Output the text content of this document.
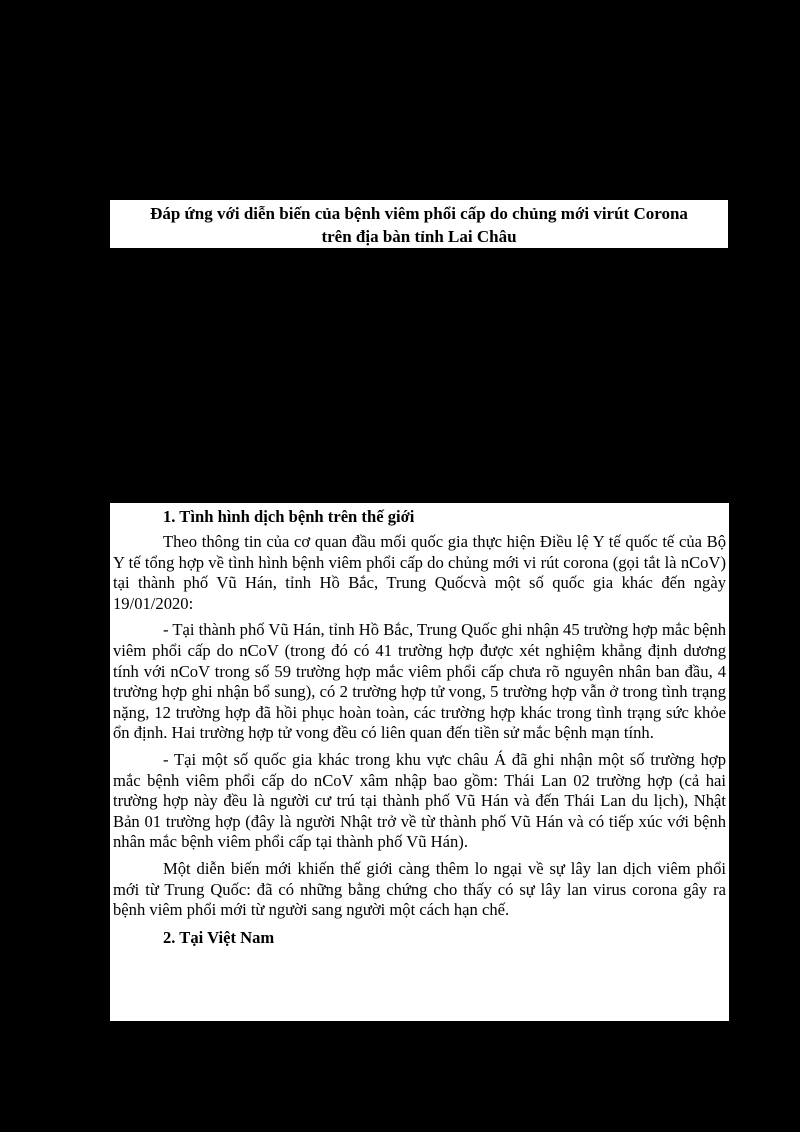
Đáp ứng với diễn biến của bệnh viêm phổi cấp do chủng mới virút Corona
trên địa bàn tỉnh Lai Châu
1. Tình hình dịch bệnh trên thế giới

Theo thông tin của cơ quan đầu mối quốc gia thực hiện Điều lệ Y tế quốc tế của Bộ Y tế tổng hợp về tình hình bệnh viêm phổi cấp do chủng mới vi rút corona (gọi tắt là nCoV) tại thành phố Vũ Hán, tỉnh Hồ Bắc, Trung Quốcvà một số quốc gia khác đến ngày 19/01/2020:

- Tại thành phố Vũ Hán, tỉnh Hồ Bắc, Trung Quốc ghi nhận 45 trường hợp mắc bệnh viêm phổi cấp do nCoV (trong đó có 41 trường hợp được xét nghiệm khẳng định dương tính với nCoV trong số 59 trường hợp mắc viêm phổi cấp chưa rõ nguyên nhân ban đầu, 4 trường hợp ghi nhận bổ sung), có 2 trường hợp tử vong, 5 trường hợp vẫn ở trong tình trạng nặng, 12 trường hợp đã hồi phục hoàn toàn, các trường hợp khác trong tình trạng sức khỏe ổn định. Hai trường hợp tử vong đều có liên quan đến tiền sử mắc bệnh mạn tính.

- Tại một số quốc gia khác trong khu vực châu Á đã ghi nhận một số trường hợp mắc bệnh viêm phổi cấp do nCoV xâm nhập bao gồm: Thái Lan 02 trường hợp (cả hai trường hợp này đều là người cư trú tại thành phố Vũ Hán và đến Thái Lan du lịch), Nhật Bản 01 trường hợp (đây là người Nhật trở về từ thành phố Vũ Hán và có tiếp xúc với bệnh nhân mắc bệnh viêm phổi cấp tại thành phố Vũ Hán).

Một diễn biến mới khiến thế giới càng thêm lo ngại về sự lây lan dịch viêm phổi mới từ Trung Quốc: đã có những bằng chứng cho thấy có sự lây lan virus corona gây ra bệnh viêm phổi mới từ người sang người một cách hạn chế.

2. Tại Việt Nam
